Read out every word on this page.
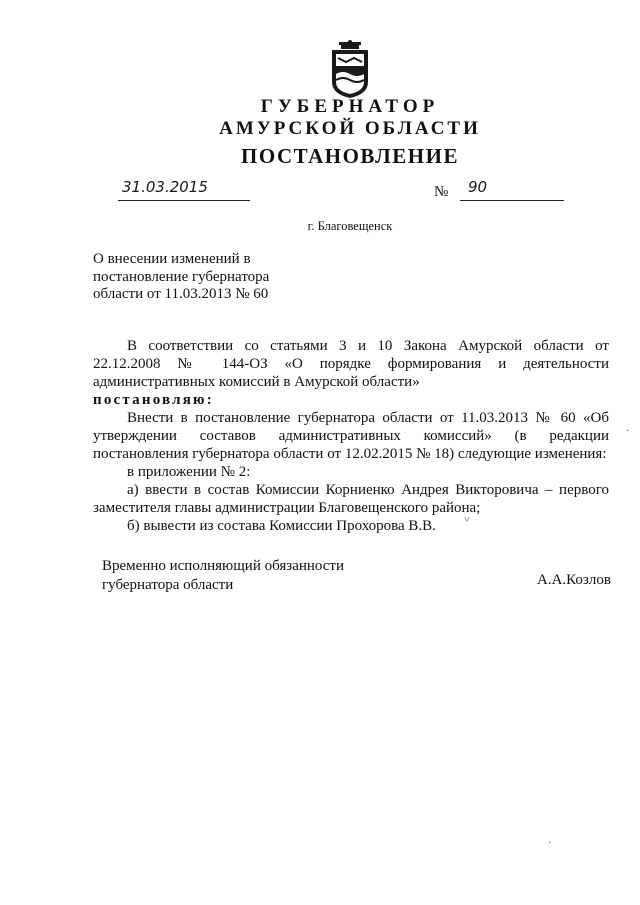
ГУБЕРНАТОР
АМУРСКОЙ ОБЛАСТИ
ПОСТАНОВЛЕНИЕ
31.03.2015	№ 90
г. Благовещенск
О внесении изменений в
постановление губернатора
области от 11.03.2013 № 60
В соответствии со статьями 3 и 10 Закона Амурской области от
22.12.2008 № 144-ОЗ «О порядке формирования и деятельности
административных комиссий в Амурской области»
постановляю:
Внести в постановление губернатора области от 11.03.2013 № 60 «Об
утверждении составов административных комиссий» (в редакции
постановления губернатора области от 12.02.2015 № 18) следующие изменения:
в приложении № 2:
а) ввести в состав Комиссии Корниенко Андрея Викторовича – первого
заместителя главы администрации Благовещенского района;
б) вывести из состава Комиссии Прохорова В.В.
Временно исполняющий обязанности
губернатора области	А.А.Козлов
˅
·
·
